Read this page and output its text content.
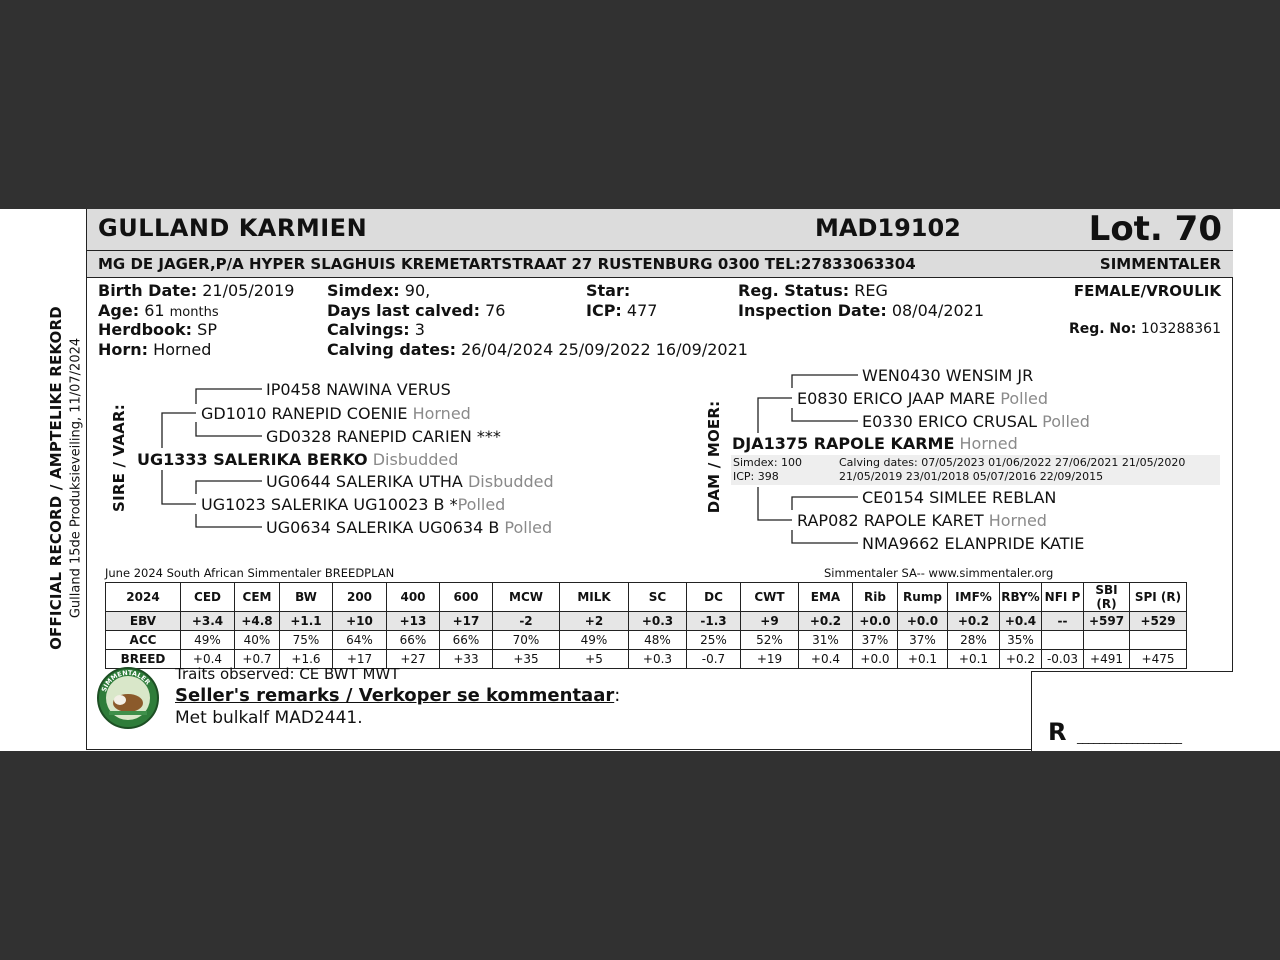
OFFICIAL RECORD / AMPTELIKE REKORD Gulland 15de Produksieveiling, 11/07/2024
GULLAND KARMIEN	MAD19102	Lot. 70
MG DE JAGER,P/A HYPER SLAGHUIS KREMETARTSTRAAT 27 RUSTENBURG 0300 TEL:27833063304	SIMMENTALER
Birth Date: 21/05/2019
Age: 61 months
Herdbook: SP
Horn: Horned
Simdex: 90,
Days last calved: 76
Calvings: 3
Calving dates: 26/04/2024 25/09/2022 16/09/2021
Star:
ICP: 477
Reg. Status: REG
Inspection Date: 08/04/2021
FEMALE/VROULIK
Reg. No: 103288361
SIRE / VAAR:
IP0458 NAWINA VERUS
GD1010 RANEPID COENIE Horned
GD0328 RANEPID CARIEN ***
UG1333 SALERIKA BERKO Disbudded
UG0644 SALERIKA UTHA Disbudded
UG1023 SALERIKA UG10023 B *Polled
UG0634 SALERIKA UG0634 B Polled
DAM / MOER:
WEN0430 WENSIM JR
E0830 ERICO JAAP MARE Polled
E0330 ERICO CRUSAL Polled
DJA1375 RAPOLE KARME Horned
Simdex: 100
ICP: 398
Calving dates: 07/05/2023 01/06/2022 27/06/2021 21/05/2020
21/05/2019 23/01/2018 05/07/2016 22/09/2015
CE0154 SIMLEE REBLAN
RAP082 RAPOLE KARET Horned
NMA9662 ELANPRIDE KATIE
June 2024 South African Simmentaler BREEDPLAN	Simmentaler SA-- www.simmentaler.org
2024	CED	CEM	BW	200	400	600	MCW	MILK	SC	DC	CWT	EMA	Rib	Rump	IMF%	RBY%	NFI P	SBI (R)	SPI (R)
EBV	+3.4	+4.8	+1.1	+10	+13	+17	-2	+2	+0.3	-1.3	+9	+0.2	+0.0	+0.0	+0.2	+0.4	--	+597	+529
ACC	49%	40%	75%	64%	66%	66%	70%	49%	48%	25%	52%	31%	37%	37%	28%	35%			
BREED	+0.4	+0.7	+1.6	+17	+27	+33	+35	+5	+0.3	-0.7	+19	+0.4	+0.0	+0.1	+0.1	+0.2	-0.03	+491	+475
SIMMENTALER Traits observed: CE BWT MWT
Seller's remarks / Verkoper se kommentaar:
Met bulkalf MAD2441.	R ___________________
